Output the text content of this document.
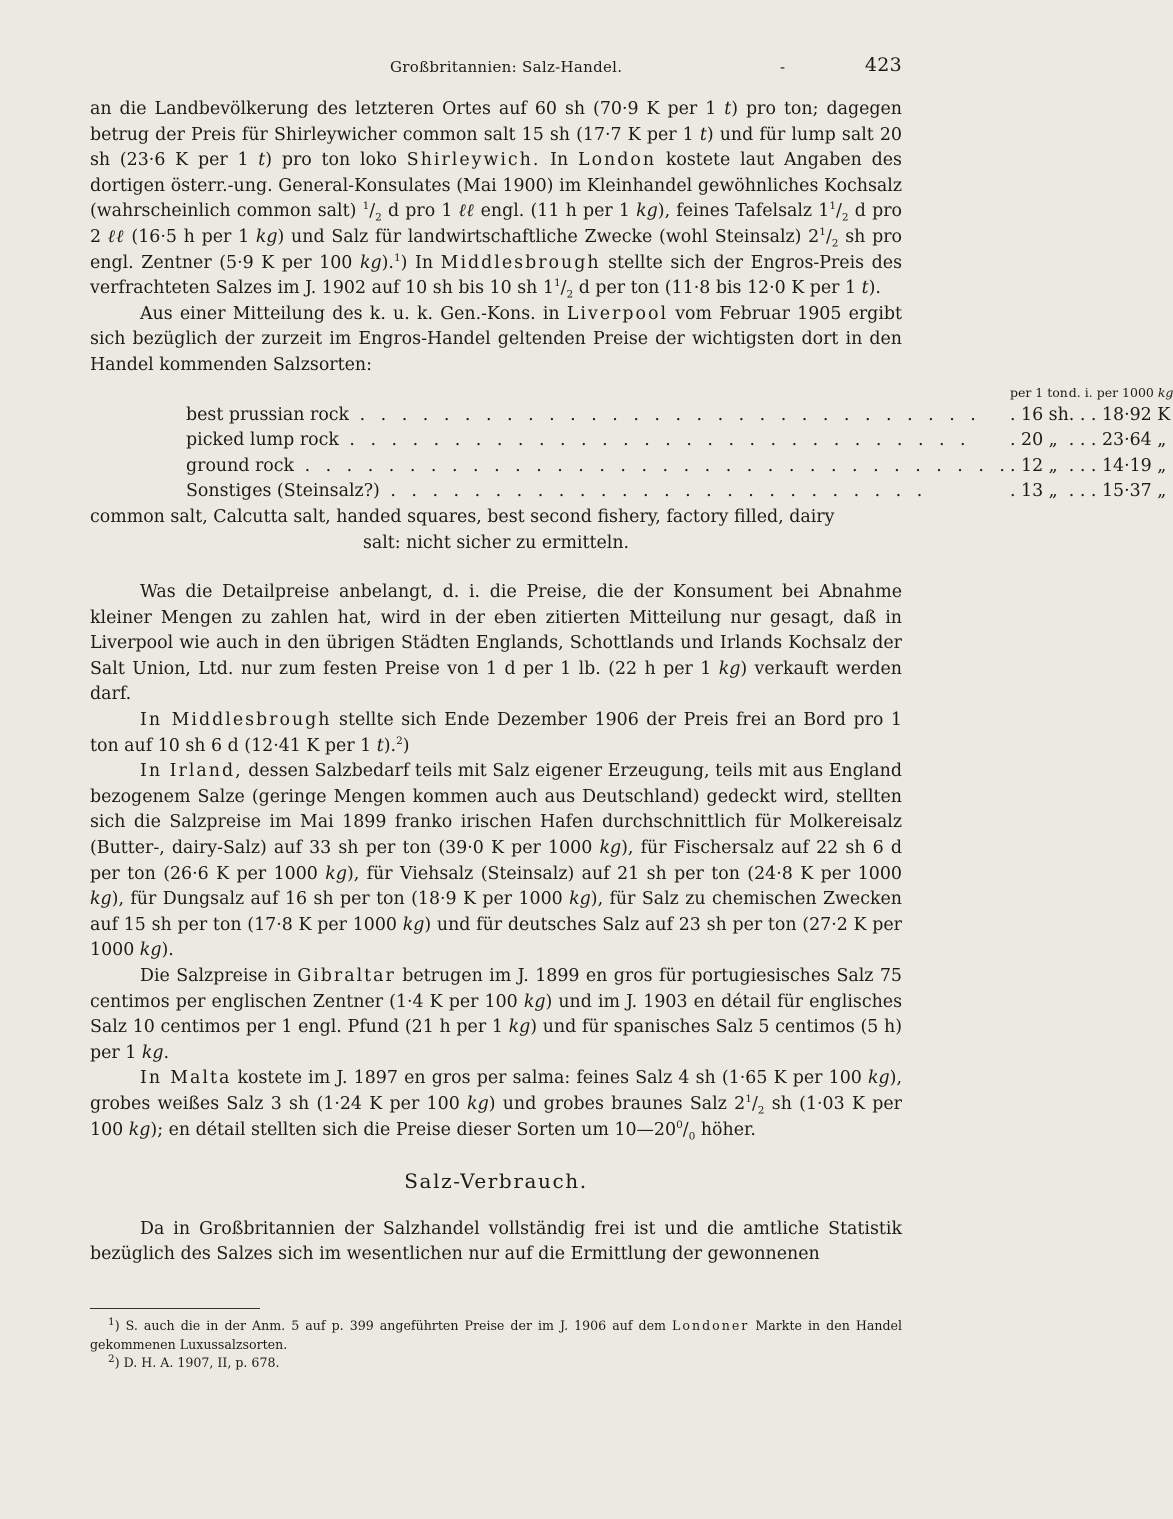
Großbritannien: Salz-Handel.	-	423

an die Landbevölkerung des letzteren Ortes auf 60 sh (70·9 K per 1 t) pro ton; dagegen betrug der Preis für Shirleywicher common salt 15 sh (17·7 K per 1 t) und für lump salt 20 sh (23·6 K per 1 t) pro ton loko Shirleywich. In London kostete laut Angaben des dortigen österr.-ung. General-Konsulates (Mai 1900) im Kleinhandel gewöhnliches Kochsalz (wahrscheinlich common salt) $^1/_2$ d pro 1 ℓℓ engl. (11 h per 1 kg), feines Tafelsalz $1^1/_2$ d pro 2 ℓℓ (16·5 h per 1 kg) und Salz für landwirtschaftliche Zwecke (wohl Steinsalz) $2^1/_2$ sh pro engl. Zentner (5·9 K per 100 kg).$^1$) In Middlesbrough stellte sich der Engros-Preis des verfrachteten Salzes im J. 1902 auf 10 sh bis 10 sh $1^1/_2$ d per ton (11·8 bis 12·0 K per 1 t).

Aus einer Mitteilung des k. u. k. Gen.-Kons. in Liverpool vom Februar 1905 ergibt sich bezüglich der zurzeit im Engros-Handel geltenden Preise der wichtigsten dort in den Handel kommenden Salzsorten:

	per 1 ton	d. i. per 1000 kg
best prussian rock . . . . . . . . . . . . . . . . . . . . . . . . . . . . . .	. 16 sh	. . . 18·92 K
picked lump rock . . . . . . . . . . . . . . . . . . . . . . . . . . . . . .	. 20 „	. . . 23·64 „
ground rock . . . . . . . . . . . . . . . . . . . . . . . . . . . . . . . . . .	. 12 „	. . . 14·19 „
Sonstiges (Steinsalz?) . . . . . . . . . . . . . . . . . . . . . . . . . .	. 13 „	. . . 15·37 „

common salt, Calcutta salt, handed squares, best second fishery, factory filled, dairy

salt: nicht sicher zu ermitteln.

Was die Detailpreise anbelangt, d. i. die Preise, die der Konsument bei Abnahme kleiner Mengen zu zahlen hat, wird in der eben zitierten Mitteilung nur gesagt, daß in Liverpool wie auch in den übrigen Städten Englands, Schottlands und Irlands Kochsalz der Salt Union, Ltd. nur zum festen Preise von 1 d per 1 lb. (22 h per 1 kg) verkauft werden darf.

In Middlesbrough stellte sich Ende Dezember 1906 der Preis frei an Bord pro 1 ton auf 10 sh 6 d (12·41 K per 1 t).$^2$)

In Irland, dessen Salzbedarf teils mit Salz eigener Erzeugung, teils mit aus England bezogenem Salze (geringe Mengen kommen auch aus Deutschland) gedeckt wird, stellten sich die Salzpreise im Mai 1899 franko irischen Hafen durchschnittlich für Molkereisalz (Butter-, dairy-Salz) auf 33 sh per ton (39·0 K per 1000 kg), für Fischersalz auf 22 sh 6 d per ton (26·6 K per 1000 kg), für Viehsalz (Steinsalz) auf 21 sh per ton (24·8 K per 1000 kg), für Dungsalz auf 16 sh per ton (18·9 K per 1000 kg), für Salz zu chemischen Zwecken auf 15 sh per ton (17·8 K per 1000 kg) und für deutsches Salz auf 23 sh per ton (27·2 K per 1000 kg).

Die Salzpreise in Gibraltar betrugen im J. 1899 en gros für portugiesisches Salz 75 centimos per englischen Zentner (1·4 K per 100 kg) und im J. 1903 en détail für englisches Salz 10 centimos per 1 engl. Pfund (21 h per 1 kg) und für spanisches Salz 5 centimos (5 h) per 1 kg.

In Malta kostete im J. 1897 en gros per salma: feines Salz 4 sh (1·65 K per 100 kg), grobes weißes Salz 3 sh (1·24 K per 100 kg) und grobes braunes Salz $2^1/_2$ sh (1·03 K per 100 kg); en détail stellten sich die Preise dieser Sorten um $10—20^0/_0$ höher.

Salz-Verbrauch.

Da in Großbritannien der Salzhandel vollständig frei ist und die amtliche Statistik bezüglich des Salzes sich im wesentlichen nur auf die Ermittlung der gewonnenen

$^1$) S. auch die in der Anm. 5 auf p. 399 angeführten Preise der im J. 1906 auf dem Londoner Markte in den Handel gekommenen Luxussalzsorten.

$^2$) D. H. A. 1907, II, p. 678.
